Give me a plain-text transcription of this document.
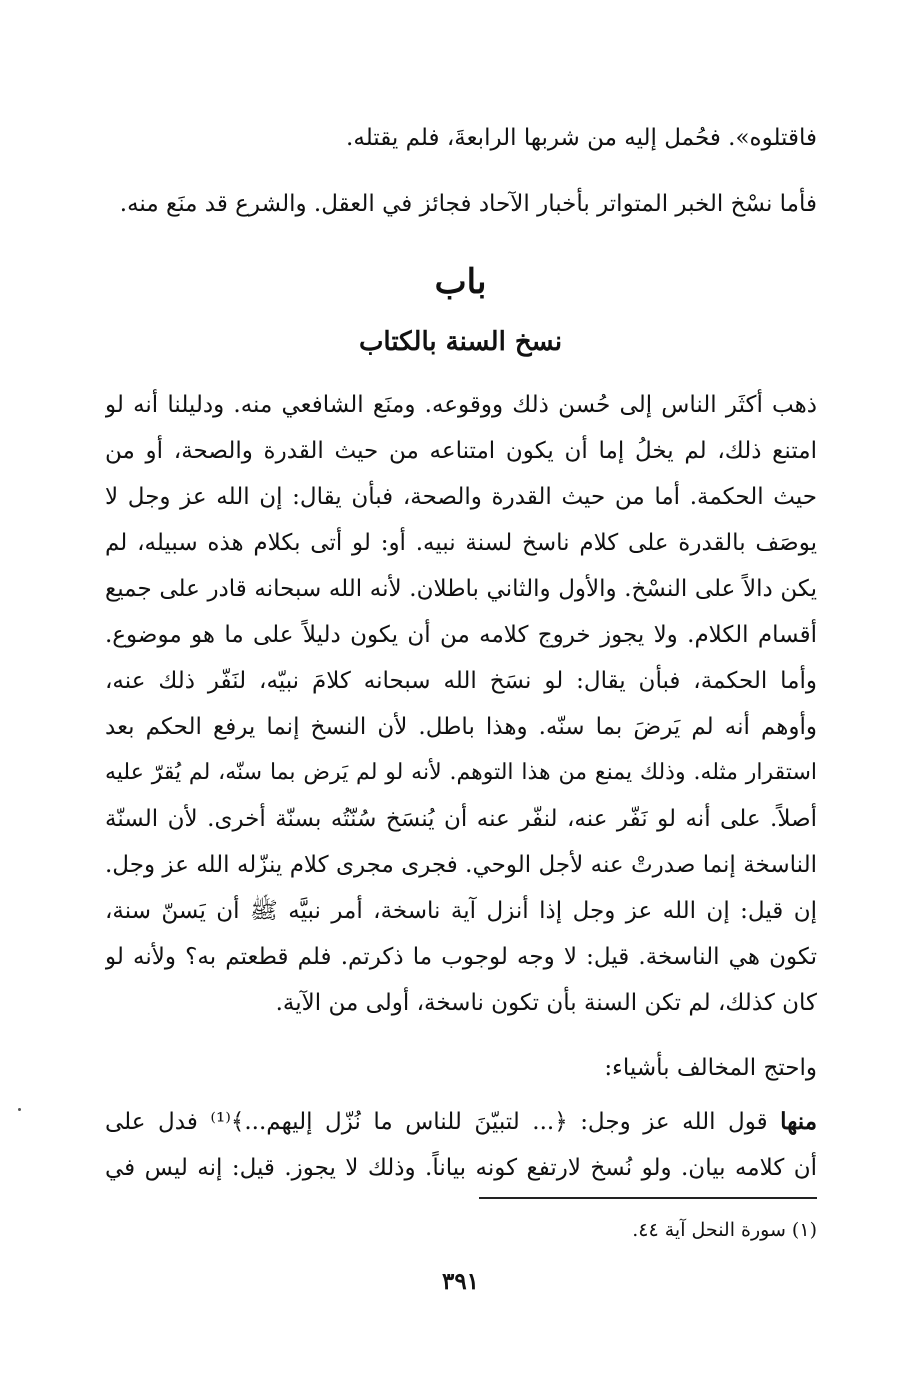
فاقتلوه». فحُمل إليه من شربها الرابعةَ، فلم يقتله.
فأما نسْخ الخبر المتواتر بأخبار الآحاد فجائز في العقل. والشرع قد منَع منه.
باب
نسخ السنة بالكتاب
ذهب أكثَر الناس إلى حُسن ذلك ووقوعه. ومنَع الشافعي منه. ودليلنا أنه لو
امتنع ذلك، لم يخلُ إما أن يكون امتناعه من حيث القدرة والصحة، أو من
حيث الحكمة. أما من حيث القدرة والصحة، فبأن يقال: إن الله عز وجل لا
يوصَف بالقدرة على كلام ناسخ لسنة نبيه. أو: لو أتى بكلام هذه سبيله، لم
يكن دالاً على النسْخ. والأول والثاني باطلان. لأنه الله سبحانه قادر على جميع
أقسام الكلام. ولا يجوز خروج كلامه من أن يكون دليلاً على ما هو موضوع.
وأما الحكمة، فبأن يقال: لو نسَخ الله سبحانه كلامَ نبيّه، لنَفّر ذلك عنه،
وأوهم أنه لم يَرضَ بما سنّه. وهذا باطل. لأن النسخ إنما يرفع الحكم بعد
استقرار مثله. وذلك يمنع من هذا التوهم. لأنه لو لم يَرض بما سنّه، لم يُقرّ عليه
أصلاً. على أنه لو نَفّر عنه، لنفّر عنه أن يُنسَخ سُنّتُه بسنّة أخرى. لأن السنّة
الناسخة إنما صدرتْ عنه لأجل الوحي. فجرى مجرى كلام ينزّله الله عز وجل.
إن قيل: إن الله عز وجل إذا أنزل آية ناسخة، أمر نبيَّه ﷺ أن يَسنّ سنة،
تكون هي الناسخة. قيل: لا وجه لوجوب ما ذكرتم. فلم قطعتم به؟ ولأنه لو
كان كذلك، لم تكن السنة بأن تكون ناسخة، أولى من الآية.
واحتج المخالف بأشياء:
منها قول الله عز وجل: ﴿... لتبيّنَ للناس ما نُزّل إليهم...﴾⁽¹⁾ فدل على
أن كلامه بيان. ولو نُسخ لارتفع كونه بياناً. وذلك لا يجوز. قيل: إنه ليس في
(١) سورة النحل آية ٤٤.
٣٩١
